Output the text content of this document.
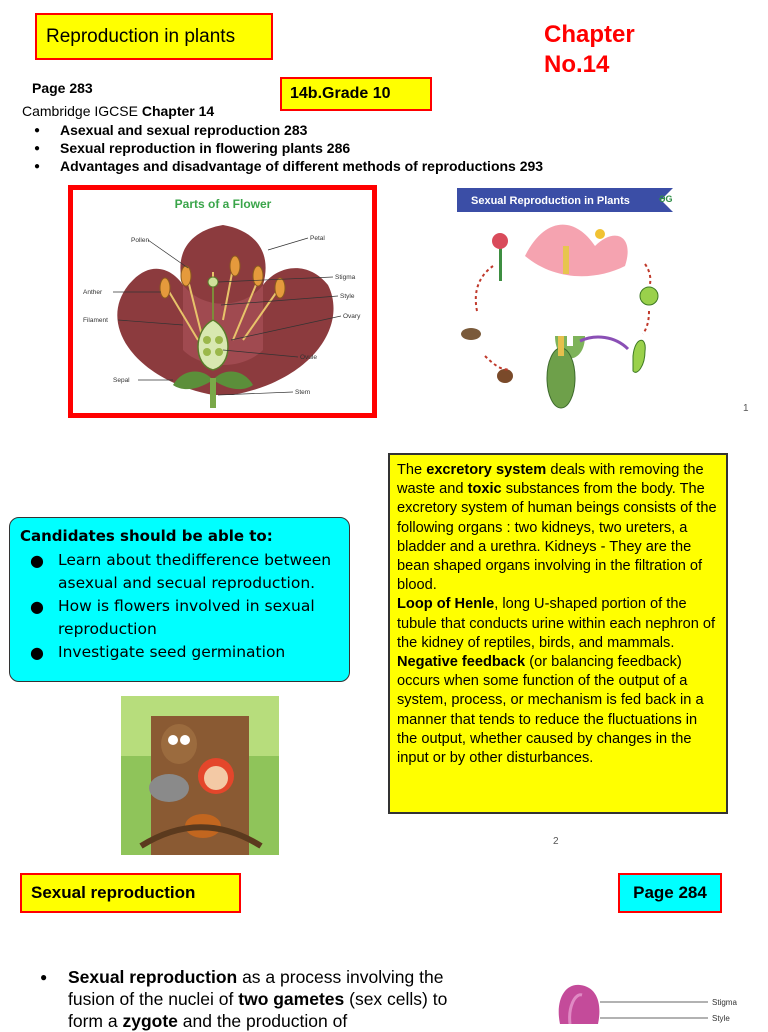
Reproduction in plants	Chapter
No.14
Page 283	14b.Grade 10
Cambridge IGCSE Chapter 14
●	Asexual and sexual reproduction 283
●	Sexual reproduction in flowering plants 286
●	Advantages and disadvantage of different methods of reproductions 293
Parts of a Flower
Pollen	Petal
Anther
Stigma
Style
Filament
Ovary
Ovule
Sepal
Stem
Sexual Reproduction in Plants	ƏG
1
Candidates should be able to:
● Learn about thedifference between asexual and secual reproduction.
● How is flowers involved in sexual reproduction
● Investigate seed germination
The excretory system deals with removing the waste and toxic substances from the body. The excretory system of human beings consists of the following organs : two kidneys, two ureters, a bladder and a urethra. Kidneys - They are the bean shaped organs involving in the filtration of blood.
Loop of Henle, long U-shaped portion of the tubule that conducts urine within each nephron of the kidney of reptiles, birds, and mammals.
Negative feedback (or balancing feedback) occurs when some function of the output of a system, process, or mechanism is fed back in a manner that tends to reduce the fluctuations in the output, whether caused by changes in the input or by other disturbances.
2
Sexual reproduction	Page 284
● Sexual reproduction as a process involving the fusion of the nuclei of two gametes (sex cells) to form a zygote and the production of
Stigma
Style
